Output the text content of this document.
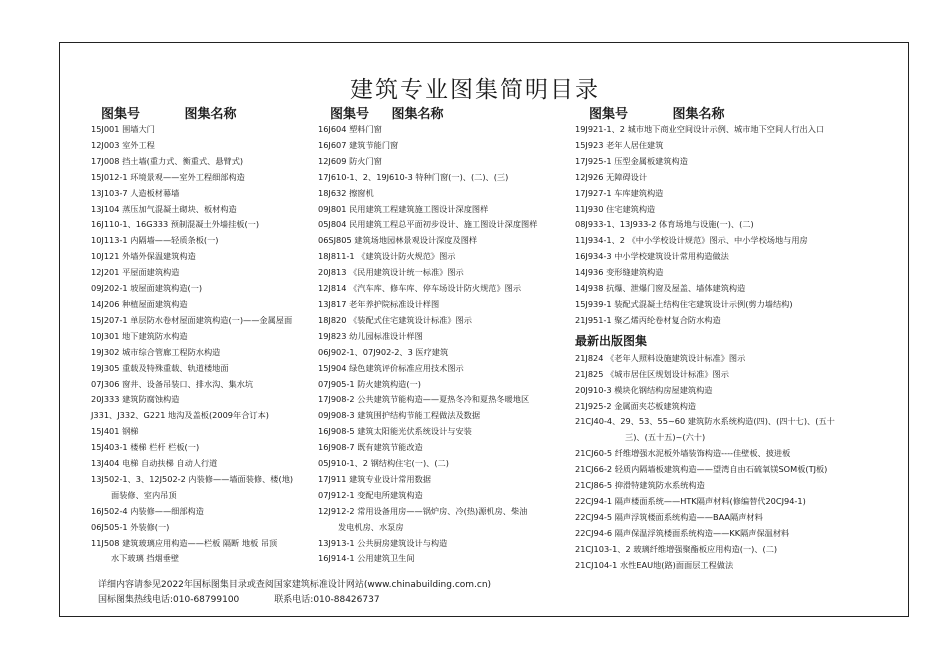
建筑专业图集简明目录
图集号	图集名称
15J001 围墙大门
12J003 室外工程
17J008 挡土墙(重力式、衡重式、悬臂式)
15J012-1 环境景观——室外工程细部构造
13J103-7 人造板材幕墙
13J104 蒸压加气混凝土砌块、板材构造
16J110-1、16G333 预制混凝土外墙挂板(一)
10J113-1 内隔墙——轻质条板(一)
10J121 外墙外保温建筑构造
12J201 平屋面建筑构造
09J202-1 坡屋面建筑构造(一)
14J206 种植屋面建筑构造
15J207-1 单层防水卷材屋面建筑构造(一)——金属屋面
10J301 地下建筑防水构造
19J302 城市综合管廊工程防水构造
19J305 重载及特殊重载、轨道楼地面
07J306 窗井、设备吊装口、排水沟、集水坑
20J333 建筑防腐蚀构造
J331、J332、G221 地沟及盖板(2009年合订本)
15J401 钢梯
15J403-1 楼梯 栏杆 栏板(一)
13J404 电梯 自动扶梯 自动人行道
13J502-1、3、12J502-2 内装修——墙面装修、楼(地)
面装修、室内吊顶
16J502-4 内装修——细部构造
06J505-1 外装修(一)
11J508 建筑玻璃应用构造——栏板 隔断 地板 吊顶
水下玻璃 挡烟垂壁
图集号 图集名称
16J604 塑料门窗
16J607 建筑节能门窗
12J609 防火门窗
17J610-1、2、19J610-3 特种门窗(一)、(二)、(三)
18J632 擦窗机
09J801 民用建筑工程建筑施工图设计深度图样
05J804 民用建筑工程总平面初步设计、施工图设计深度图样
06SJ805 建筑场地园林景观设计深度及图样
18J811-1 《建筑设计防火规范》图示
20J813 《民用建筑设计统一标准》图示
12J814 《汽车库、修车库、停车场设计防火规范》图示
13J817 老年养护院标准设计样图
18J820 《装配式住宅建筑设计标准》图示
19J823 幼儿园标准设计样图
06J902-1、07J902-2、3 医疗建筑
15J904 绿色建筑评价标准应用技术图示
07J905-1 防火建筑构造(一)
17J908-2 公共建筑节能构造——夏热冬冷和夏热冬暖地区
09J908-3 建筑围护结构节能工程做法及数据
16J908-5 建筑太阳能光伏系统设计与安装
16J908-7 既有建筑节能改造
05J910-1、2 钢结构住宅(一)、(二)
17J911 建筑专业设计常用数据
07J912-1 变配电所建筑构造
12J912-2 常用设备用房——锅炉房、冷(热)源机房、柴油
发电机房、水泵房
13J913-1 公共厨房建筑设计与构造
16J914-1 公用建筑卫生间
图集号	图集名称
19J921-1、2 城市地下商业空间设计示例、城市地下空间人行出入口
15J923 老年人居住建筑
17J925-1 压型金属板建筑构造
12J926 无障碍设计
17J927-1 车库建筑构造
11J930 住宅建筑构造
08J933-1、13J933-2 体育场地与设施(一)、(二)
11J934-1、2 《中小学校设计规范》图示、中小学校场地与用房
16J934-3 中小学校建筑设计常用构造做法
14J936 变形缝建筑构造
14J938 抗爆、泄爆门窗及屋盖、墙体建筑构造
15J939-1 装配式混凝土结构住宅建筑设计示例(剪力墙结构)
21J951-1 聚乙烯丙纶卷材复合防水构造
最新出版图集
21J824 《老年人照料设施建筑设计标准》图示
21J825 《城市居住区规划设计标准》图示
20J910-3 模块化钢结构房屋建筑构造
21J925-2 金属面夹芯板建筑构造
21CJ40-4、29、53、55~60 建筑防水系统构造(四)、(四十七)、(五十
三)、(五十五)~(六十)
21CJ60-5 纤维增强水泥板外墙装饰构造----佳壁板、披进板
21CJ66-2 轻质内隔墙板建筑构造——望湾自由石硫氧镁SOM板(TJ板)
21CJ86-5 抑滑特建筑防水系统构造
22CJ94-1 隔声楼面系统——HTK隔声材料(修编替代20CJ94-1)
22CJ94-5 隔声浮筑楼面系统构造——BAA隔声材料
22CJ94-6 隔声保温浮筑楼面系统构造——KK隔声保温材料
21CJ103-1、2 玻璃纤维增强聚酯板应用构造(一)、(二)
21CJ104-1 水性EAU地(路)面面层工程做法
详细内容请参见2022年国标图集目录或查阅国家建筑标准设计网站(www.chinabuilding.com.cn)
国标图集热线电话:010-68799100	联系电话:010-88426737
